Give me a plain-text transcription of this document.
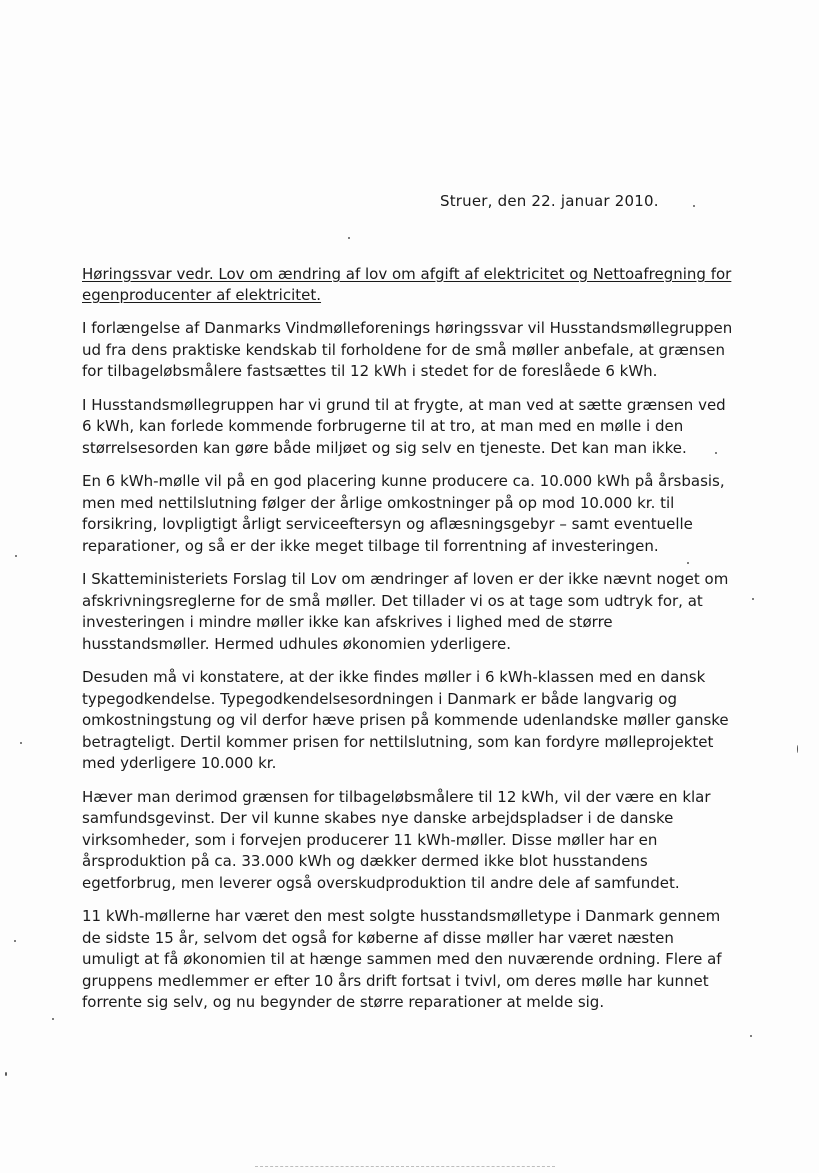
Struer, den 22. januar 2010.
Høringssvar vedr. Lov om ændring af lov om afgift af elektricitet og Nettoafregning for
egenproducenter af elektricitet.

I forlængelse af Danmarks Vindmølleforenings høringssvar vil Husstandsmøllegruppen
ud fra dens praktiske kendskab til forholdene for de små møller anbefale, at grænsen
for tilbageløbsmålere fastsættes til 12 kWh i stedet for de foreslåede 6 kWh.

I Husstandsmøllegruppen har vi grund til at frygte, at man ved at sætte grænsen ved
6 kWh, kan forlede kommende forbrugerne til at tro, at man med en mølle i den
størrelsesorden kan gøre både miljøet og sig selv en tjeneste. Det kan man ikke.

En 6 kWh-mølle vil på en god placering kunne producere ca. 10.000 kWh på årsbasis,
men med nettilslutning følger der årlige omkostninger på op mod 10.000 kr. til
forsikring, lovpligtigt årligt serviceeftersyn og aflæsningsgebyr – samt eventuelle
reparationer, og så er der ikke meget tilbage til forrentning af investeringen.

I Skatteministeriets Forslag til Lov om ændringer af loven er der ikke nævnt noget om
afskrivningsreglerne for de små møller. Det tillader vi os at tage som udtryk for, at
investeringen i mindre møller ikke kan afskrives i lighed med de større
husstandsmøller. Hermed udhules økonomien yderligere.

Desuden må vi konstatere, at der ikke findes møller i 6 kWh-klassen med en dansk
typegodkendelse. Typegodkendelsesordningen i Danmark er både langvarig og
omkostningstung og vil derfor hæve prisen på kommende udenlandske møller ganske
betragteligt. Dertil kommer prisen for nettilslutning, som kan fordyre mølleprojektet
med yderligere 10.000 kr.

Hæver man derimod grænsen for tilbageløbsmålere til 12 kWh, vil der være en klar
samfundsgevinst. Der vil kunne skabes nye danske arbejdspladser i de danske
virksomheder, som i forvejen producerer 11 kWh-møller. Disse møller har en
årsproduktion på ca. 33.000 kWh og dækker dermed ikke blot husstandens
egetforbrug, men leverer også overskudproduktion til andre dele af samfundet.

11 kWh-møllerne har været den mest solgte husstandsmølletype i Danmark gennem
de sidste 15 år, selvom det også for køberne af disse møller har været næsten
umuligt at få økonomien til at hænge sammen med den nuværende ordning. Flere af
gruppens medlemmer er efter 10 års drift fortsat i tvivl, om deres mølle har kunnet
forrente sig selv, og nu begynder de større reparationer at melde sig.
